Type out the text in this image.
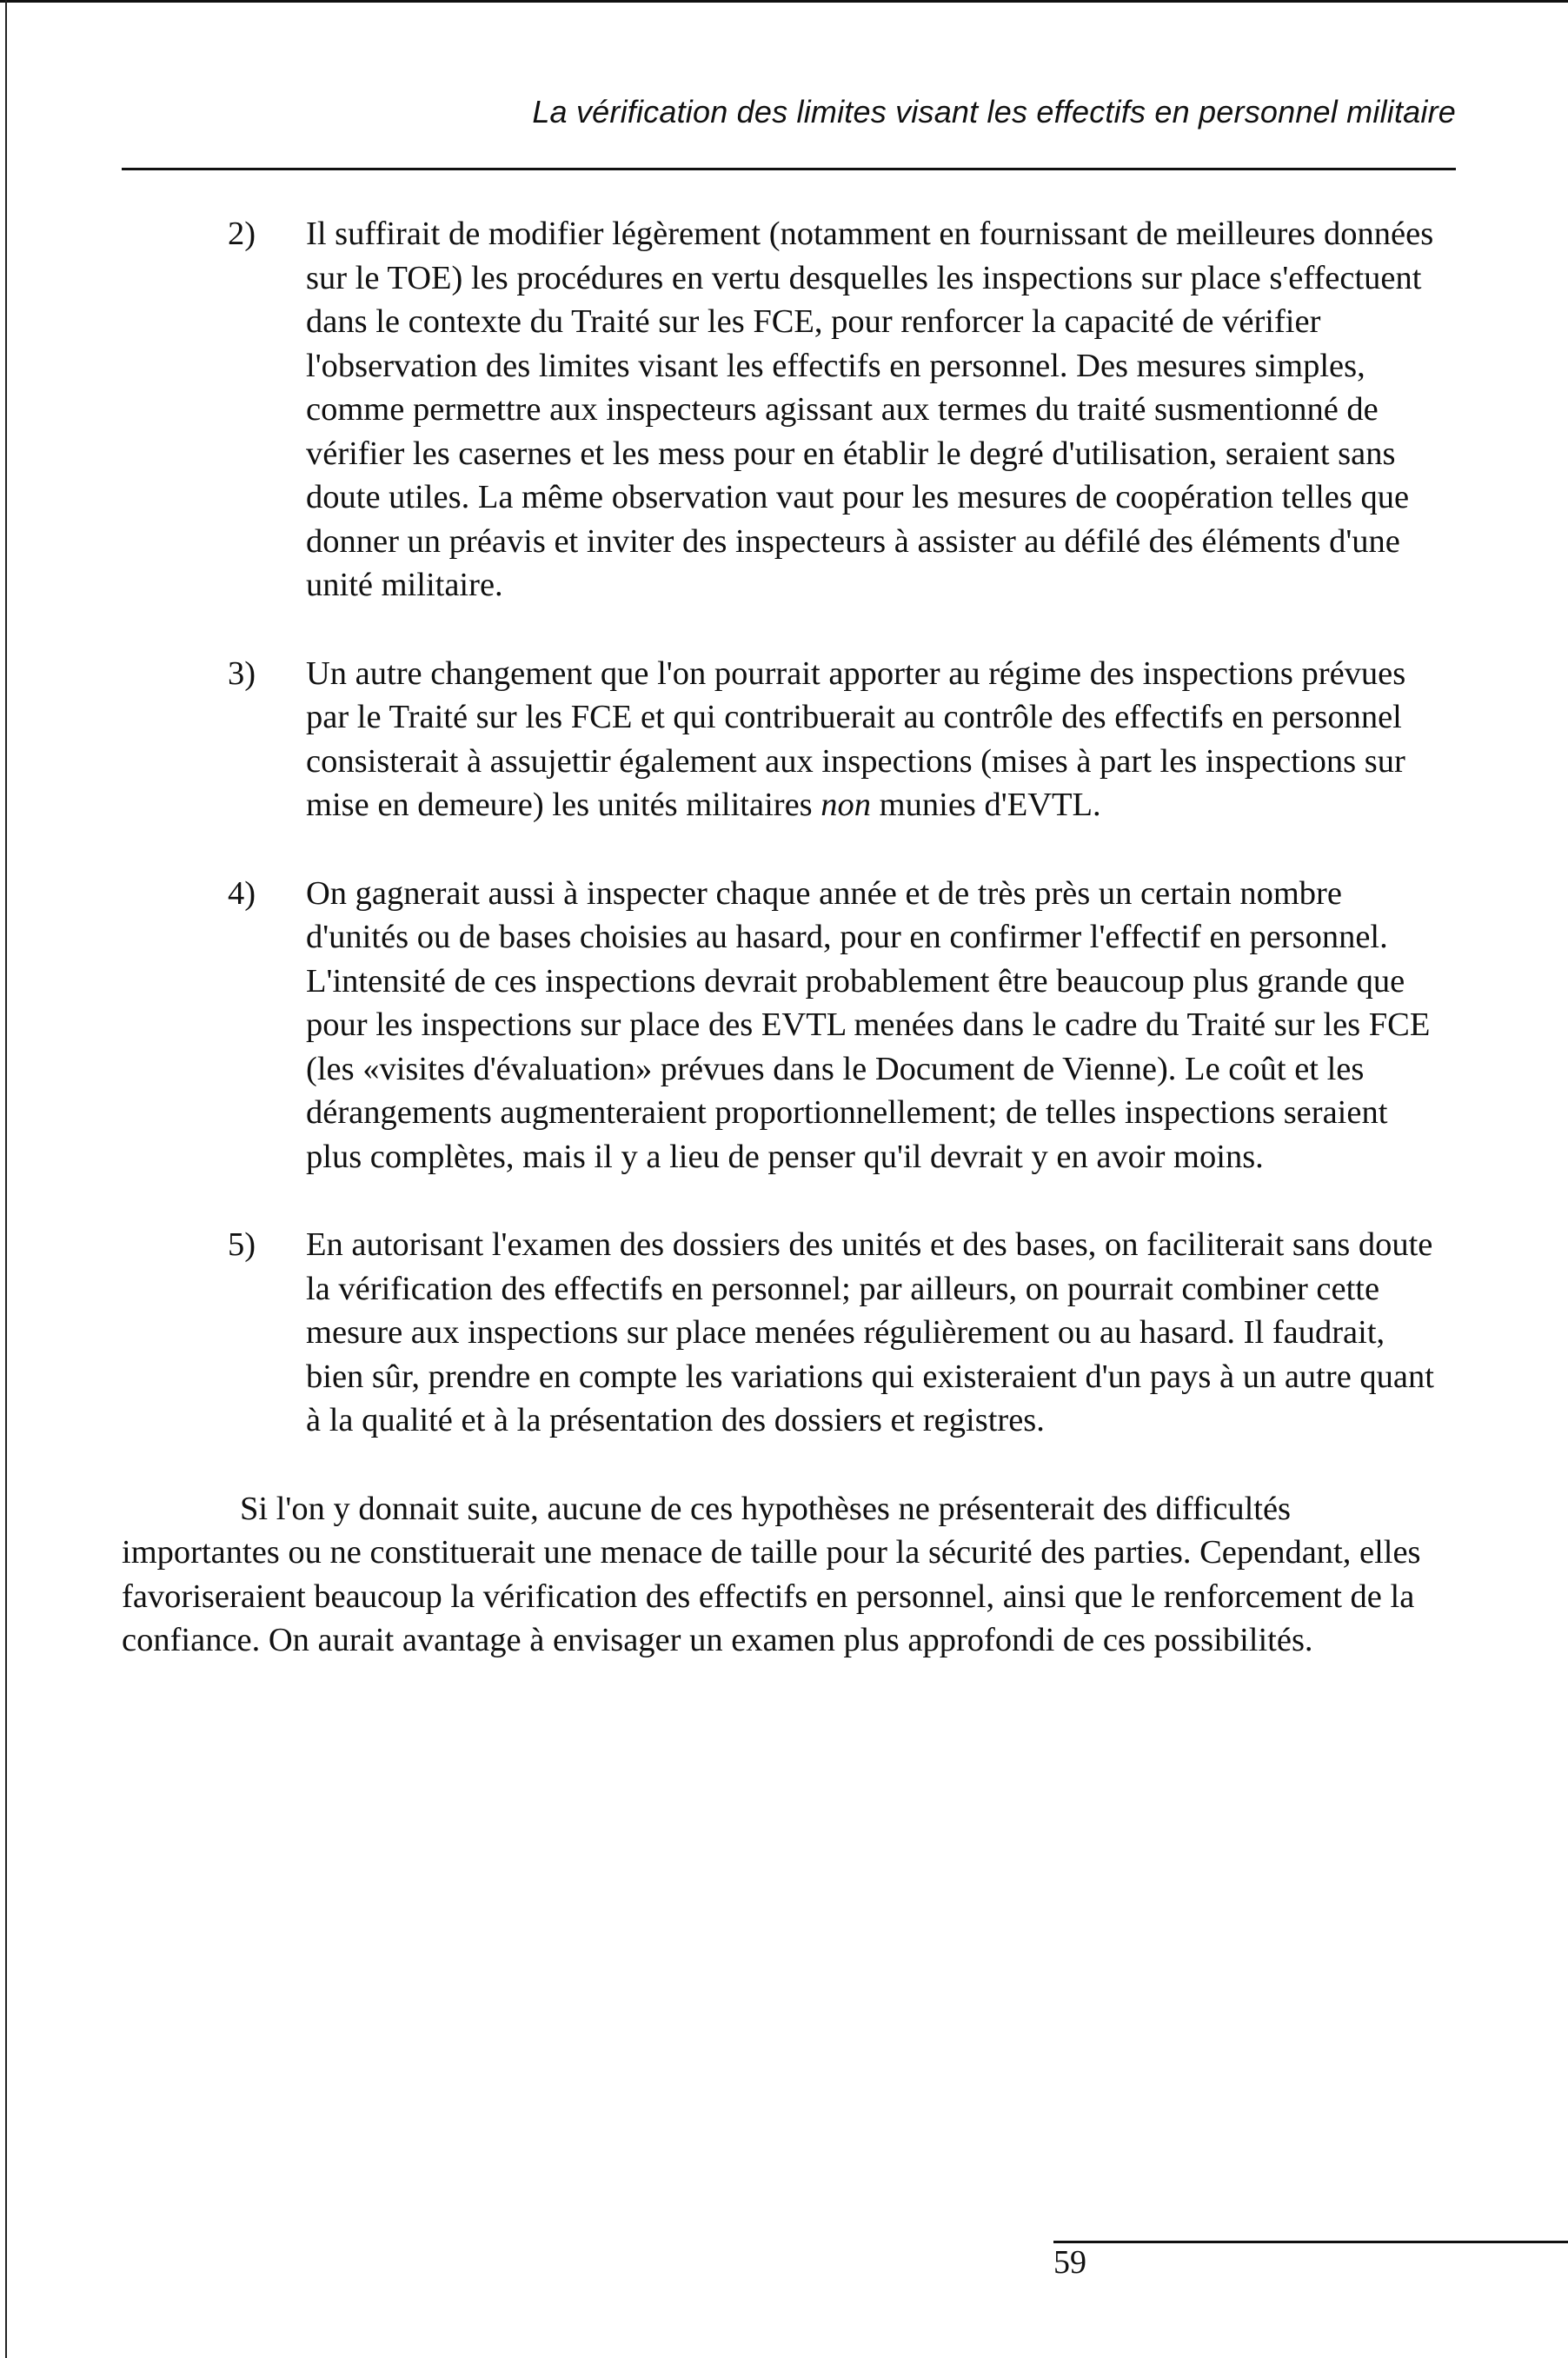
La vérification des limites visant les effectifs en personnel militaire
2)	Il suffirait de modifier légèrement (notamment en fournissant de meilleures données sur le TOE) les procédures en vertu desquelles les inspections sur place s'effectuent dans le contexte du Traité sur les FCE, pour renforcer la capacité de vérifier l'observation des limites visant les effectifs en personnel. Des mesures simples, comme permettre aux inspecteurs agissant aux termes du traité susmentionné de vérifier les casernes et les mess pour en établir le degré d'utilisation, seraient sans doute utiles. La même observation vaut pour les mesures de coopération telles que donner un préavis et inviter des inspecteurs à assister au défilé des éléments d'une unité militaire.
3)	Un autre changement que l'on pourrait apporter au régime des inspections prévues par le Traité sur les FCE et qui contribuerait au contrôle des effectifs en personnel consisterait à assujettir également aux inspections (mises à part les inspections sur mise en demeure) les unités militaires non munies d'EVTL.
4)	On gagnerait aussi à inspecter chaque année et de très près un certain nombre d'unités ou de bases choisies au hasard, pour en confirmer l'effectif en personnel. L'intensité de ces inspections devrait probablement être beaucoup plus grande que pour les inspections sur place des EVTL menées dans le cadre du Traité sur les FCE (les «visites d'évaluation» prévues dans le Document de Vienne). Le coût et les dérangements augmenteraient proportionnellement; de telles inspections seraient plus complètes, mais il y a lieu de penser qu'il devrait y en avoir moins.
5)	En autorisant l'examen des dossiers des unités et des bases, on faciliterait sans doute la vérification des effectifs en personnel; par ailleurs, on pourrait combiner cette mesure aux inspections sur place menées régulièrement ou au hasard. Il faudrait, bien sûr, prendre en compte les variations qui existeraient d'un pays à un autre quant à la qualité et à la présentation des dossiers et registres.

Si l'on y donnait suite, aucune de ces hypothèses ne présenterait des difficultés importantes ou ne constituerait une menace de taille pour la sécurité des parties. Cependant, elles favoriseraient beaucoup la vérification des effectifs en personnel, ainsi que le renforcement de la confiance. On aurait avantage à envisager un examen plus approfondi de ces possibilités.

59
